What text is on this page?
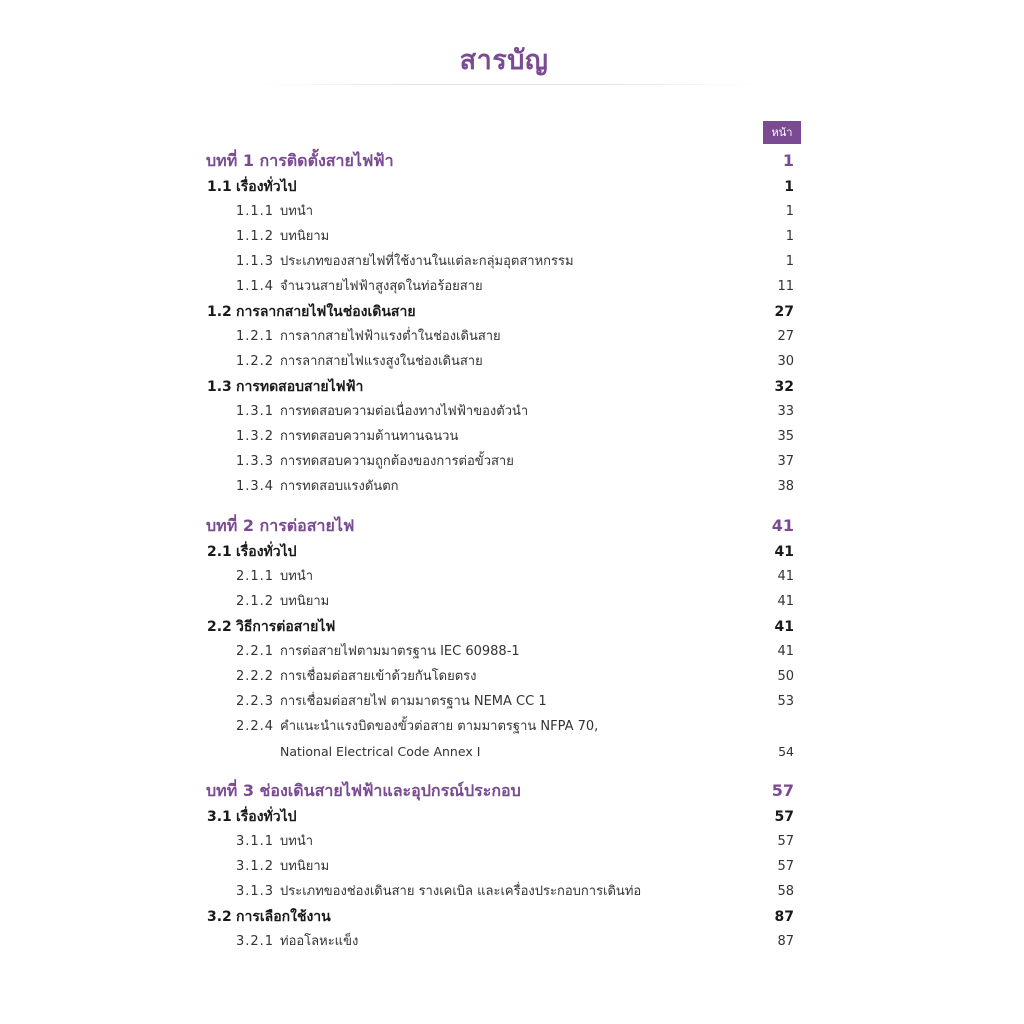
สารบัญ
หน้า
บทที่ 1 การติดตั้งสายไฟฟ้า	1
1.1 เรื่องทั่วไป	1
1.1.1 บทนำ	1
1.1.2 บทนิยาม	1
1.1.3 ประเภทของสายไฟที่ใช้งานในแต่ละกลุ่มอุตสาหกรรม	1
1.1.4 จำนวนสายไฟฟ้าสูงสุดในท่อร้อยสาย	11
1.2 การลากสายไฟในช่องเดินสาย	27
1.2.1 การลากสายไฟฟ้าแรงต่ำในช่องเดินสาย	27
1.2.2 การลากสายไฟแรงสูงในช่องเดินสาย	30
1.3 การทดสอบสายไฟฟ้า	32
1.3.1 การทดสอบความต่อเนื่องทางไฟฟ้าของตัวนำ	33
1.3.2 การทดสอบความต้านทานฉนวน	35
1.3.3 การทดสอบความถูกต้องของการต่อขั้วสาย	37
1.3.4 การทดสอบแรงดันตก	38
บทที่ 2 การต่อสายไฟ	41
2.1 เรื่องทั่วไป	41
2.1.1 บทนำ	41
2.1.2 บทนิยาม	41
2.2 วิธีการต่อสายไฟ	41
2.2.1 การต่อสายไฟตามมาตรฐาน IEC 60988-1	41
2.2.2 การเชื่อมต่อสายเข้าด้วยกันโดยตรง	50
2.2.3 การเชื่อมต่อสายไฟ ตามมาตรฐาน NEMA CC 1	53
2.2.4 คำแนะนำแรงบิดของขั้วต่อสาย ตามมาตรฐาน NFPA 70,
National Electrical Code Annex I	54
บทที่ 3 ช่องเดินสายไฟฟ้าและอุปกรณ์ประกอบ	57
3.1 เรื่องทั่วไป	57
3.1.1 บทนำ	57
3.1.2 บทนิยาม	57
3.1.3 ประเภทของช่องเดินสาย รางเคเบิล และเครื่องประกอบการเดินท่อ	58
3.2 การเลือกใช้งาน	87
3.2.1 ท่ออโลหะแข็ง	87
